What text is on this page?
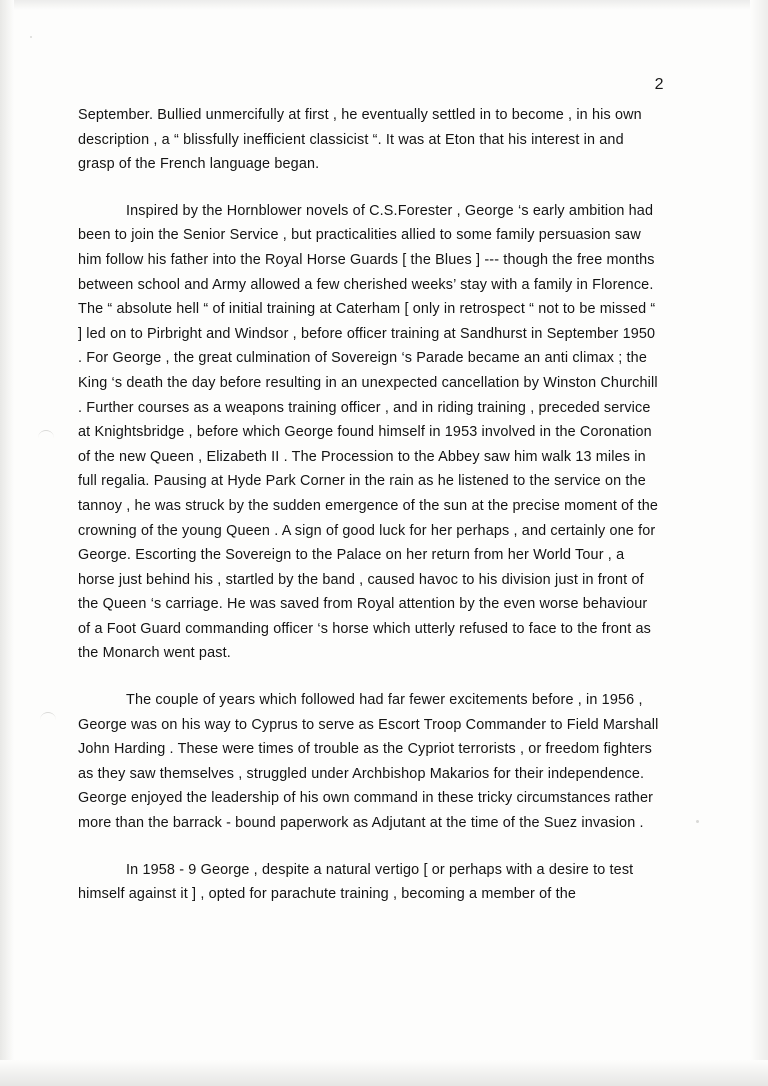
2

September. Bullied unmercifully at first , he eventually settled in to become , in his own description , a “ blissfully inefficient classicist “. It was at Eton that his interest in and grasp of the French language began.

Inspired by the Hornblower novels of C.S.Forester , George ‘s early ambition had been to join the Senior Service , but practicalities allied to some family persuasion saw him follow his father into the Royal Horse Guards [ the Blues ] --- though the free months between school and Army allowed a few cherished weeks’ stay with a family in Florence. The “ absolute hell “ of initial training at Caterham [ only in retrospect “ not to be missed “ ] led on to Pirbright and Windsor , before officer training at Sandhurst in September 1950 . For George , the great culmination of Sovereign ‘s Parade became an anti climax ; the King ‘s death the day before resulting in an unexpected cancellation by Winston Churchill . Further courses as a weapons training officer , and in riding training , preceded service at Knightsbridge , before which George found himself in 1953 involved in the Coronation of the new Queen , Elizabeth II . The Procession to the Abbey saw him walk 13 miles in full regalia. Pausing at Hyde Park Corner in the rain as he listened to the service on the tannoy , he was struck by the sudden emergence of the sun at the precise moment of the crowning of the young Queen . A sign of good luck for her perhaps , and certainly one for George. Escorting the Sovereign to the Palace on her return from her World Tour , a horse just behind his , startled by the band , caused havoc to his division just in front of the Queen ‘s carriage. He was saved from Royal attention by the even worse behaviour of a Foot Guard commanding officer ‘s horse which utterly refused to face to the front as the Monarch went past.

The couple of years which followed had far fewer excitements before , in 1956 , George was on his way to Cyprus to serve as Escort Troop Commander to Field Marshall John Harding . These were times of trouble as the Cypriot terrorists , or freedom fighters as they saw themselves , struggled under Archbishop Makarios for their independence. George enjoyed the leadership of his own command in these tricky circumstances rather more than the barrack - bound paperwork as Adjutant at the time of the Suez invasion .

In 1958 - 9 George , despite a natural vertigo [ or perhaps with a desire to test himself against it ] , opted for parachute training , becoming a member of the
